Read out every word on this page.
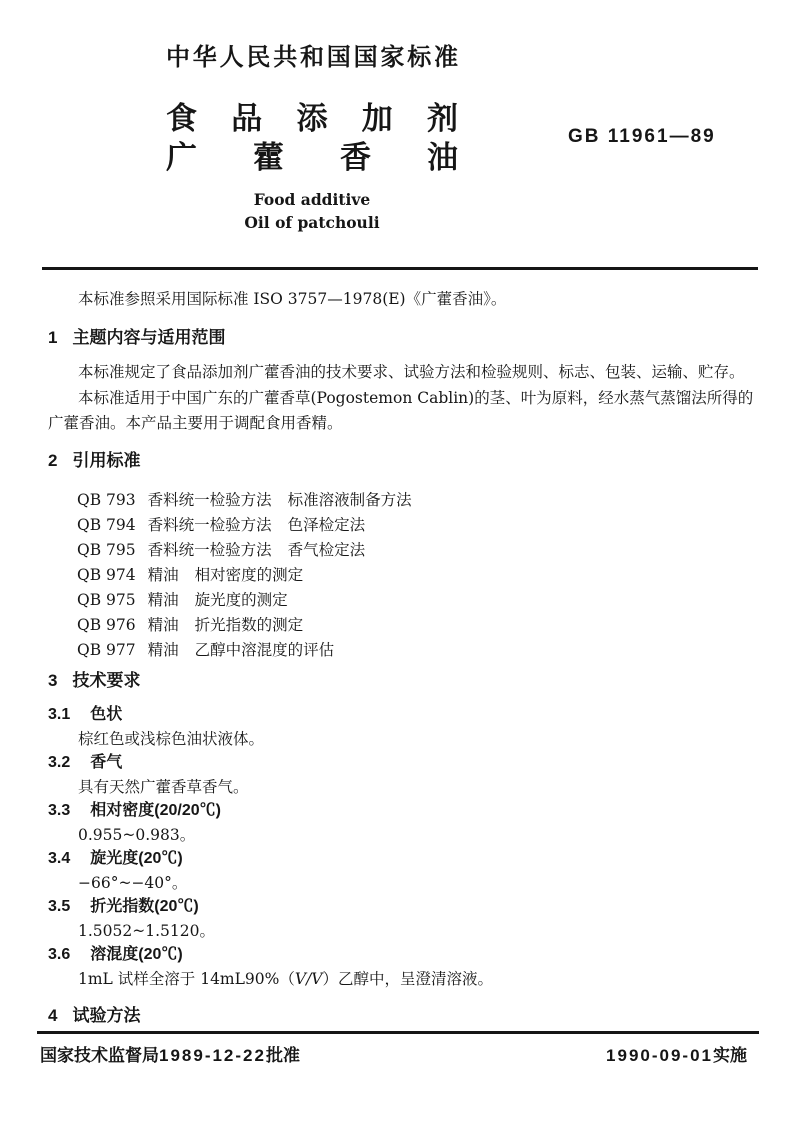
中华人民共和国国家标准
食品添加剂
广藿香油
GB 11961—89
Food additive
Oil of patchouli

本标准参照采用国际标准 ISO 3757—1978(E)《广藿香油》。

1 主题内容与适用范围

本标准规定了食品添加剂广藿香油的技术要求、试验方法和检验规则、标志、包装、运输、贮存。

本标准适用于中国广东的广藿香草(Pogostemon Cablin)的茎、叶为原料，经水蒸气蒸馏法所得的广藿香油。本产品主要用于调配食用香精。

2 引用标准
QB 793 香料统一检验方法 标准溶液制备方法
QB 794 香料统一检验方法 色泽检定法
QB 795 香料统一检验方法 香气检定法
QB 974 精油 相对密度的测定
QB 975 精油 旋光度的测定
QB 976 精油 折光指数的测定
QB 977 精油 乙醇中溶混度的评估
3 技术要求
3.1 色状
棕红色或浅棕色油状液体。
3.2 香气
具有天然广藿香草香气。
3.3 相对密度(20/20℃)
0.955~0.983。
3.4 旋光度(20℃)
−66°~−40°。
3.5 折光指数(20℃)
1.5052~1.5120。
3.6 溶混度(20℃)
1mL 试样全溶于 14mL90%（V/V）乙醇中，呈澄清溶液。
4 试验方法
国家技术监督局1989-12-22批准	1990-09-01实施
